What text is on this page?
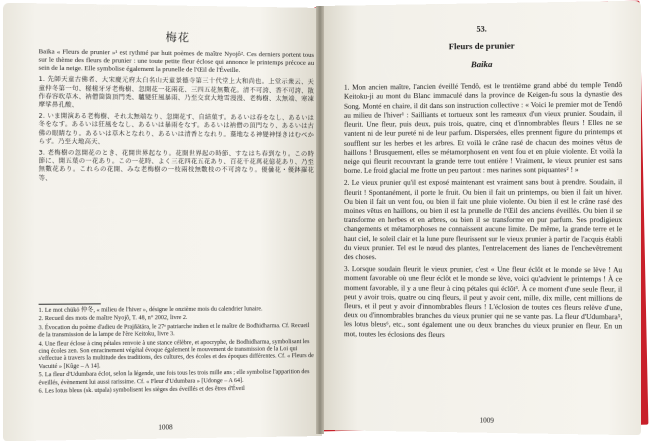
梅花

Baika « Fleurs de prunier »¹ est rythmé par huit poèmes de maître Nyojô². Ces derniers portent tous sur le thème des fleurs de prunier : une toute petite fleur éclose qui annonce le printemps précoce au sein de la neige. Elle symbolise également la prunelle de l'Œil de l'Éveille.

1. 先師天童古佛者、大宋慶元府太白名山天童景德寺第三十代堂上大和尚也。上堂示衆云、天童仲冬第一句、槎槎牙牙老梅樹、忽開花一花兩花、三四五花無數花。清不可誇、香不可誇、散作春容吹草木、衲僧箇箇頂門禿、驢變狂風暴雨、乃至交袞大地雪漫漫、老梅樹、太無端、寒凍摩挲鼻孔酸、

2. いま開演ある老梅樹、それ太無端なり、忽開花す、自結菓す。あるいは春をなし、あるいは冬をなす。あるいは狂風をなし、あるいは暴雨をなす。あるいは衲僧の頂門なり、あるいは古佛の眼睛なり。あるいは草木となれり、あるいは清香となれり。驀地なる神變神怪きはむべからず。乃至大地高天、

3. 老梅樹の忽開花のとき、花開世界起なり。花開世界起の時節、すなはち春到なり。この時節に、開五葉の一花あり。この一花時、よく三花四花五花あり、百花千花萬花億花あり、乃至無數花あり。これらの花開、みな老梅樹の一枝兩枝無數枝の不可誇なり。優曇花・優鉢羅花等、

1. Le mot chūkō 仲冬, « milieu de l'hiver », désigne le onzième mois du calendrier lunaire.

2. Recueil des mots de maître Nyojô, T. 48, n° 2002, livre 2.

3. Évocation du poème d'adieu de Prajñātāra, le 27ᵉ patriarche indien et le maître de Bodhidharma. Cf. Recueil de la transmission de la lampe de l'ère Keitoku, livre 3.

4. Une fleur éclose à cinq pétales renvoie à une stance célèbre, et apocryphe, de Bodhidharma, symbolisant les cinq écoles zen. Son enracinement végétal évoque également le mouvement de transmission de la Loi qui s'effectue à travers la multitude des traditions, des cultures, des écoles et des époques différentes. Cf. « Fleurs de Vacuité » [Kûge – A 14].

5. La fleur d'Udumbara éclot, selon la légende, une fois tous les trois mille ans ; elle symbolise l'apparition des éveillés, évènement lui aussi rarissime. Cf. « Fleur d'Udumbara » [Udonge – A 64].

6. Les lotus bleus (sk. utpala) symbolisent les sièges des éveillés et des êtres d'Éveil

1008
53.
Fleurs de prunier
Baika

1. Mon ancien maître, l'ancien éveillé Tendô, est le trentième grand abbé du temple Tendô Keitoku-ji au mont du Blanc immaculé dans la province de Keigen-fu sous la dynastie des Song. Monté en chaire, il dit dans son instruction collective : « Voici le premier mot de Tendô au milieu de l'hiver¹ : Sailliants et tortueux sont les rameaux d'un vieux prunier. Soudain, il fleurit. Une fleur, puis deux, puis trois, quatre, cinq et d'innombrables fleurs ! Elles ne se vantent ni de leur pureté ni de leur parfum. Dispersées, elles prennent figure du printemps et soufflent sur les herbes et les arbres. Et voilà le crâne rasé de chacun des moines vêtus de haillons ! Brusquement, elles se métamorphosent en vent fou et en pluie violente. Et voilà la neige qui fleurit recouvrant la grande terre tout entière ! Vraiment, le vieux prunier est sans borne. Le froid glacial me frotte un peu partout : mes narines sont piquantes² ! »

2. Le vieux prunier qu'il est exposé maintenant est vraiment sans bout à prendre. Soudain, il fleurit ! Spontanément, il porte le fruit. Ou bien il fait un printemps, ou bien il fait un hiver. Ou bien il fait un vent fou, ou bien il fait une pluie violente. Ou bien il est le crâne rasé des moines vêtus en haillons, ou bien il est la prunelle de l'Œil des anciens éveillés. Ou bien il se transforme en herbes et en arbres, ou bien il se transforme en pur parfum. Ses prodigieux changements et métamorphoses ne connaissent aucune limite. De même, la grande terre et le haut ciel, le soleil clair et la lune pure fleurissent sur le vieux prunier à partir de l'acquis établi du vieux prunier. Tel est le nœud des plantes, l'entrelacement des lianes de l'enchevêtrement des choses.

3. Lorsque soudain fleurit le vieux prunier, c'est « Une fleur éclôt et le monde se lève ! Au moment favorable où une fleur éclôt et le monde se lève, voici qu'advient le printemps ! À ce moment favorable, il y a une fleur à cinq pétales qui éclôt³. À ce moment d'une seule fleur, il peut y avoir trois, quatre ou cinq fleurs, il peut y avoir cent, mille, dix mille, cent millions de fleurs, et il peut y avoir d'innombrables fleurs ! L'éclosion de toutes ces fleurs relève d'une, deux ou d'innombrables branches du vieux prunier qui ne se vante pas. La fleur d'Udumbara⁵, les lotus bleus⁶, etc., sont également une ou deux branches du vieux prunier en fleur. En un mot, toutes les éclosions des fleurs

1009
